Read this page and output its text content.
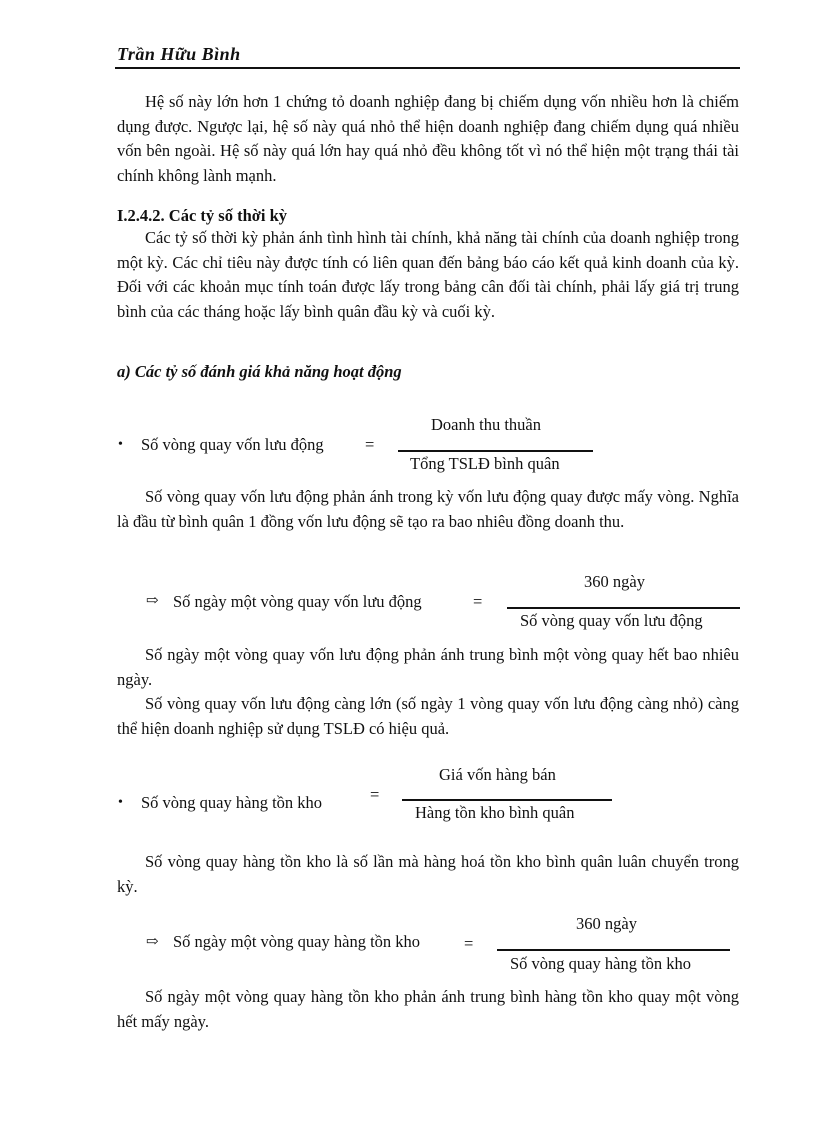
Trần Hữu Bình

Hệ số này lớn hơn 1 chứng tỏ doanh nghiệp đang bị chiếm dụng vốn nhiều hơn là chiếm dụng được. Ngược lại, hệ số này quá nhỏ thể hiện doanh nghiệp đang chiếm dụng quá nhiều vốn bên ngoài. Hệ số này quá lớn hay quá nhỏ đều không tốt vì nó thể hiện một trạng thái tài chính không lành mạnh.

I.2.4.2. Các tỷ số thời kỳ

Các tỷ số thời kỳ phản ánh tình hình tài chính, khả năng tài chính của doanh nghiệp trong một kỳ. Các chỉ tiêu này được tính có liên quan đến bảng báo cáo kết quả kinh doanh của kỳ. Đối với các khoản mục tính toán được lấy trong bảng cân đối tài chính, phải lấy giá trị trung bình của các tháng hoặc lấy bình quân đầu kỳ và cuối kỳ.

a) Các tỷ số đánh giá khả năng hoạt động

• Số vòng quay vốn lưu động	=
Doanh thu thuần
Tổng TSLĐ bình quân

Số vòng quay vốn lưu động phản ánh trong kỳ vốn lưu động quay được mấy vòng. Nghĩa là đầu từ bình quân 1 đồng vốn lưu động sẽ tạo ra bao nhiêu đồng doanh thu.

⇨ Số ngày một vòng quay vốn lưu động	=
360 ngày
Số vòng quay vốn lưu động

Số ngày một vòng quay vốn lưu động phản ánh trung bình một vòng quay hết bao nhiêu ngày.

Số vòng quay vốn lưu động càng lớn (số ngày 1 vòng quay vốn lưu động càng nhỏ) càng thể hiện doanh nghiệp sử dụng TSLĐ có hiệu quả.

• Số vòng quay hàng tồn kho	=
Giá vốn hàng bán
Hàng tồn kho bình quân

Số vòng quay hàng tồn kho là số lần mà hàng hoá tồn kho bình quân luân chuyển trong kỳ.

⇨ Số ngày một vòng quay hàng tồn kho	=
360 ngày
Số vòng quay hàng tồn kho

Số ngày một vòng quay hàng tồn kho phản ánh trung bình hàng tồn kho quay một vòng hết mấy ngày.
